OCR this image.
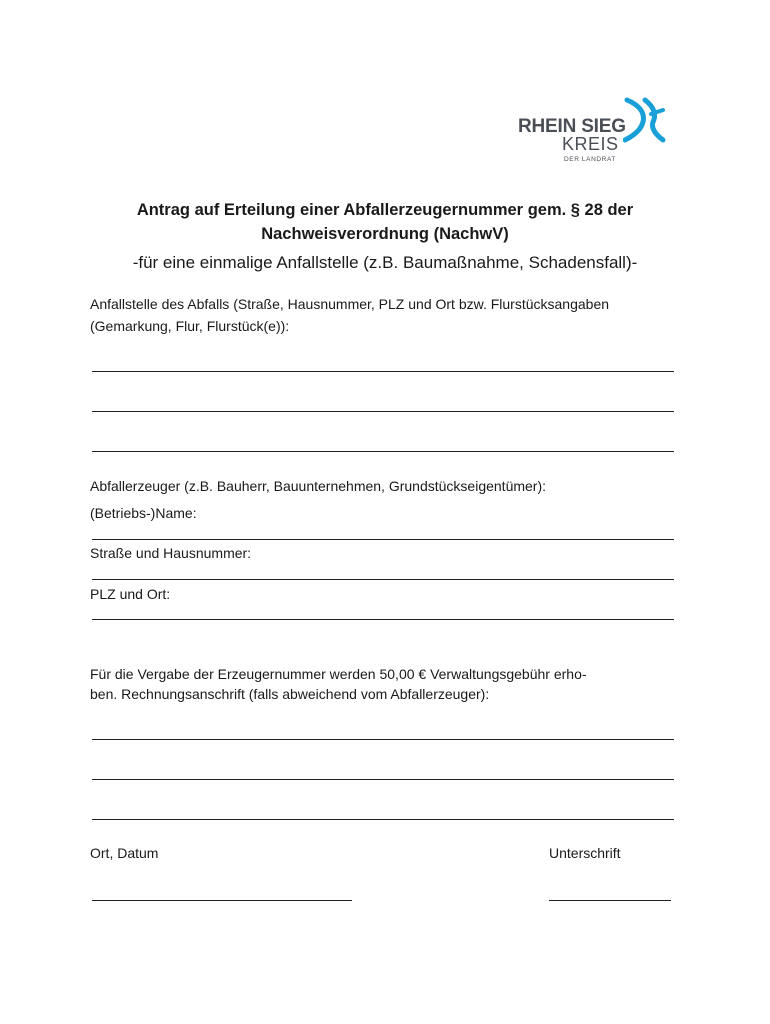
RHEIN SIEG
KREIS
DER LANDRAT
Antrag auf Erteilung einer Abfallerzeugernummer gem. § 28 der
Nachweisverordnung (NachwV)
-für eine einmalige Anfallstelle (z.B. Baumaßnahme, Schadensfall)-
Anfallstelle des Abfalls (Straße, Hausnummer, PLZ und Ort bzw. Flurstücksangaben
(Gemarkung, Flur, Flurstück(e)):
Abfallerzeuger (z.B. Bauherr, Bauunternehmen, Grundstückseigentümer):
(Betriebs-)Name:
Straße und Hausnummer:
PLZ und Ort:
Für die Vergabe der Erzeugernummer werden 50,00 € Verwaltungsgebühr erho-
ben. Rechnungsanschrift (falls abweichend vom Abfallerzeuger):
Ort, Datum	Unterschrift
